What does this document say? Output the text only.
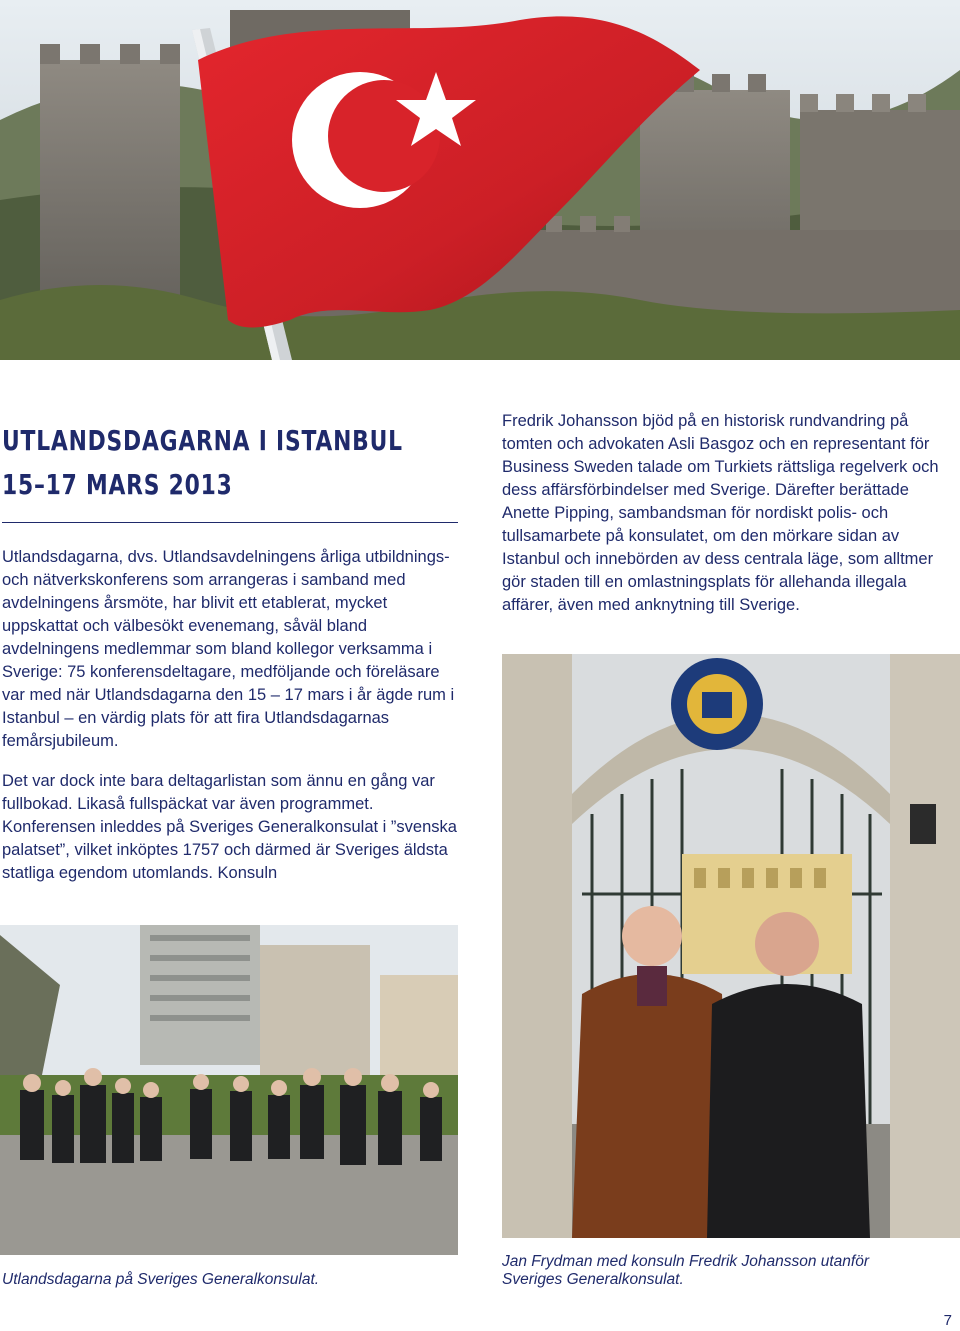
UTLANDSDAGARNA I ISTANBUL
15–17 MARS 2013

Utlandsdagarna, dvs. Utlandsavdelningens årliga utbildnings- och nätverkskonferens som arrangeras i samband med avdelningens årsmöte, har blivit ett etablerat, mycket uppskattat och välbesökt evenemang, såväl bland avdelningens medlemmar som bland kollegor verksamma i Sverige: 75 konferensdeltagare, medföljande och föreläsare var med när Utlandsdagarna den 15 – 17 mars i år ägde rum i Istanbul – en värdig plats för att fira Utlandsdagarnas femårsjubileum.

Det var dock inte bara deltagarlistan som ännu en gång var fullbokad. Likaså fullspäckat var även programmet. Konferensen inleddes på Sveriges Generalkonsulat i ”svenska palatset”, vilket inköptes 1757 och därmed är Sveriges äldsta statliga egendom utomlands. Konsuln

Fredrik Johansson bjöd på en historisk rundvandring på tomten och advokaten Asli Basgoz och en representant för Business Sweden talade om Turkiets rättsliga regelverk och dess affärsförbindelser med Sverige. Därefter berättade Anette Pipping, sambandsman för nordiskt polis- och tullsamarbete på konsulatet, om den mörkare sidan av Istanbul och innebörden av dess centrala läge, som alltmer gör staden till en omlastningsplats för allehanda illegala affärer, även med anknytning till Sverige.

Utlandsdagarna på Sveriges Generalkonsulat.

Jan Frydman med konsuln Fredrik Johansson utanför Sveriges Generalkonsulat.

7
